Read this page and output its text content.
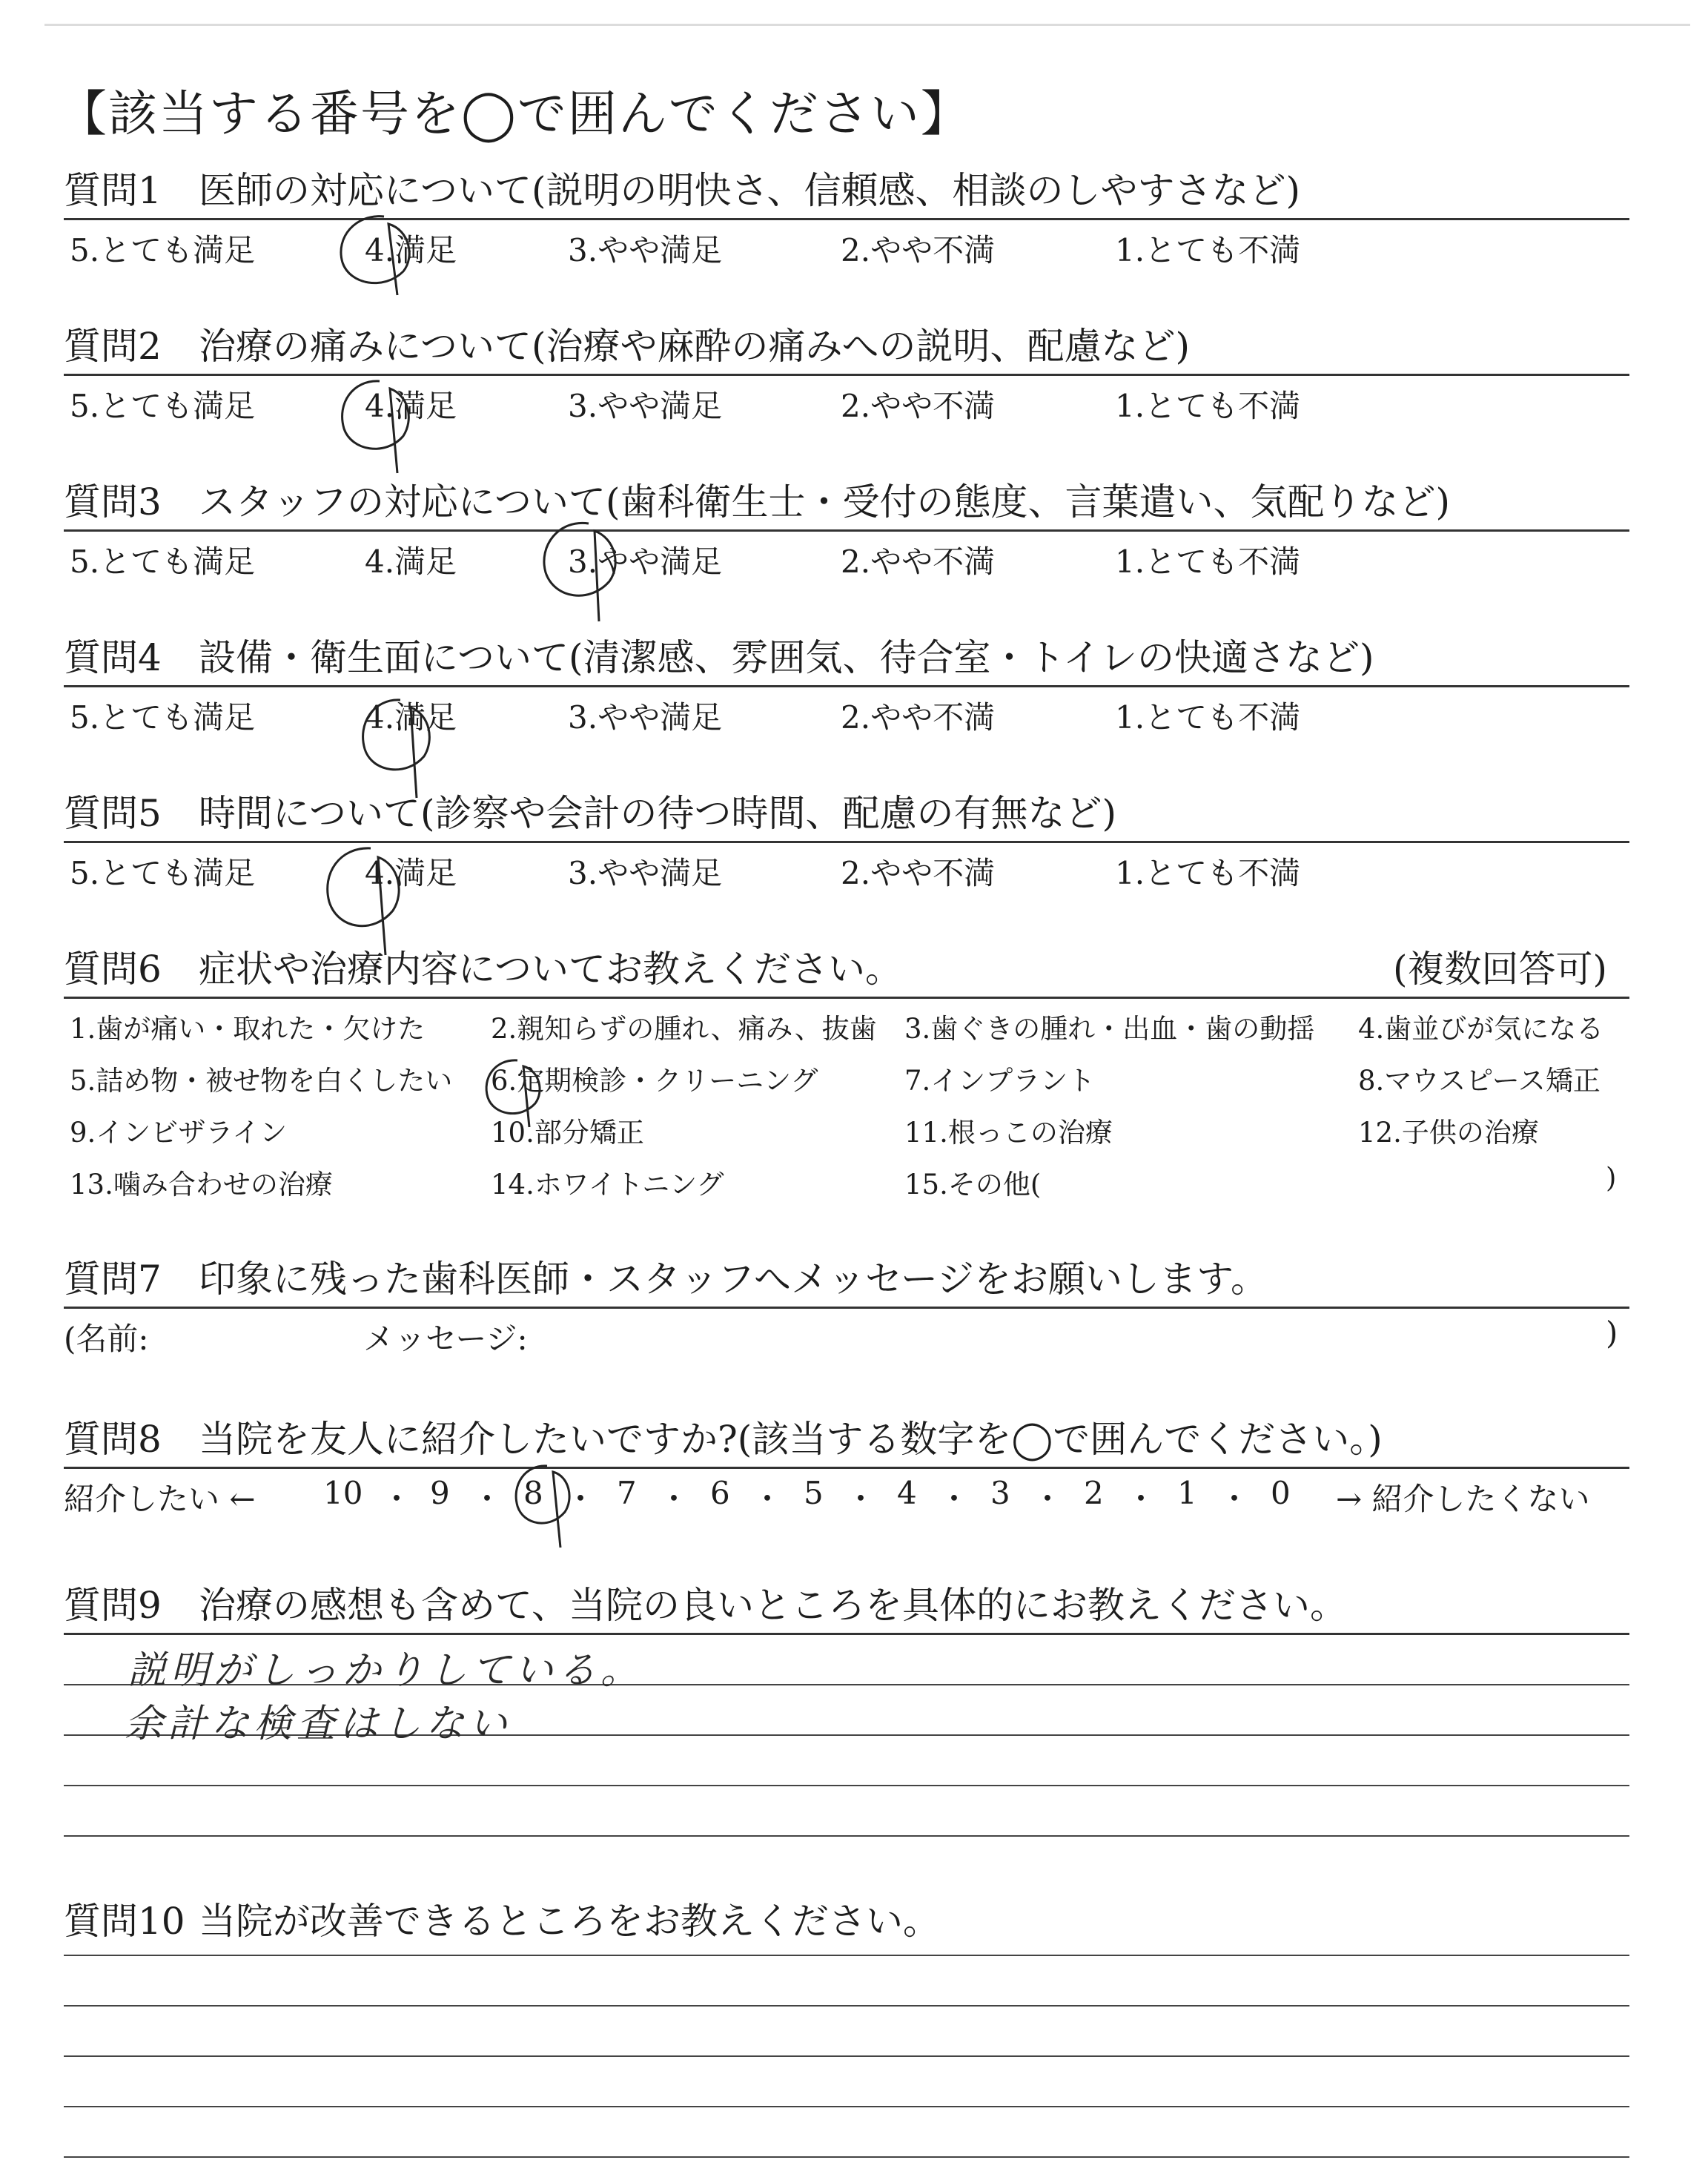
【該当する番号を◯で囲んでください】
質問1 医師の対応について(説明の明快さ、信頼感、相談のしやすさなど)
5.とても満足	4.満足	3.やや満足	2.やや不満	1.とても不満
質問2 治療の痛みについて(治療や麻酔の痛みへの説明、配慮など)
5.とても満足	4.満足	3.やや満足	2.やや不満	1.とても不満
質問3 スタッフの対応について(歯科衛生士・受付の態度、言葉遣い、気配りなど)
5.とても満足	4.満足	3.やや満足	2.やや不満	1.とても不満
質問4 設備・衛生面について(清潔感、雰囲気、待合室・トイレの快適さなど)
5.とても満足	4.満足	3.やや満足	2.やや不満	1.とても不満
質問5 時間について(診察や会計の待つ時間、配慮の有無など)
5.とても満足	4.満足	3.やや満足	2.やや不満	1.とても不満
質問6 症状や治療内容についてお教えください。	(複数回答可)
1.歯が痛い・取れた・欠けた 2.親知らずの腫れ、痛み、抜歯 3.歯ぐきの腫れ・出血・歯の動揺 4.歯並びが気になる
5.詰め物・被せ物を白くしたい 6.定期検診・クリーニング	7.インプラント	8.マウスピース矯正
9.インビザライン	10.部分矯正	11.根っこの治療	12.子供の治療
13.噛み合わせの治療	14.ホワイトニング	15.その他(	)
質問7 印象に残った歯科医師・スタッフへメッセージをお願いします。
(名前:	メッセージ:	)
質問8 当院を友人に紹介したいですか?(該当する数字を◯で囲んでください。)
紹介したい ← 10 ・ 9 ・ 8 ・ 7 ・ 6 ・ 5 ・ 4 ・ 3 ・ 2 ・ 1 ・ 0 → 紹介したくない
質問9 治療の感想も含めて、当院の良いところを具体的にお教えください。
説明がしっかりしている。
余計な検査はしない
質問10 当院が改善できるところをお教えください。
